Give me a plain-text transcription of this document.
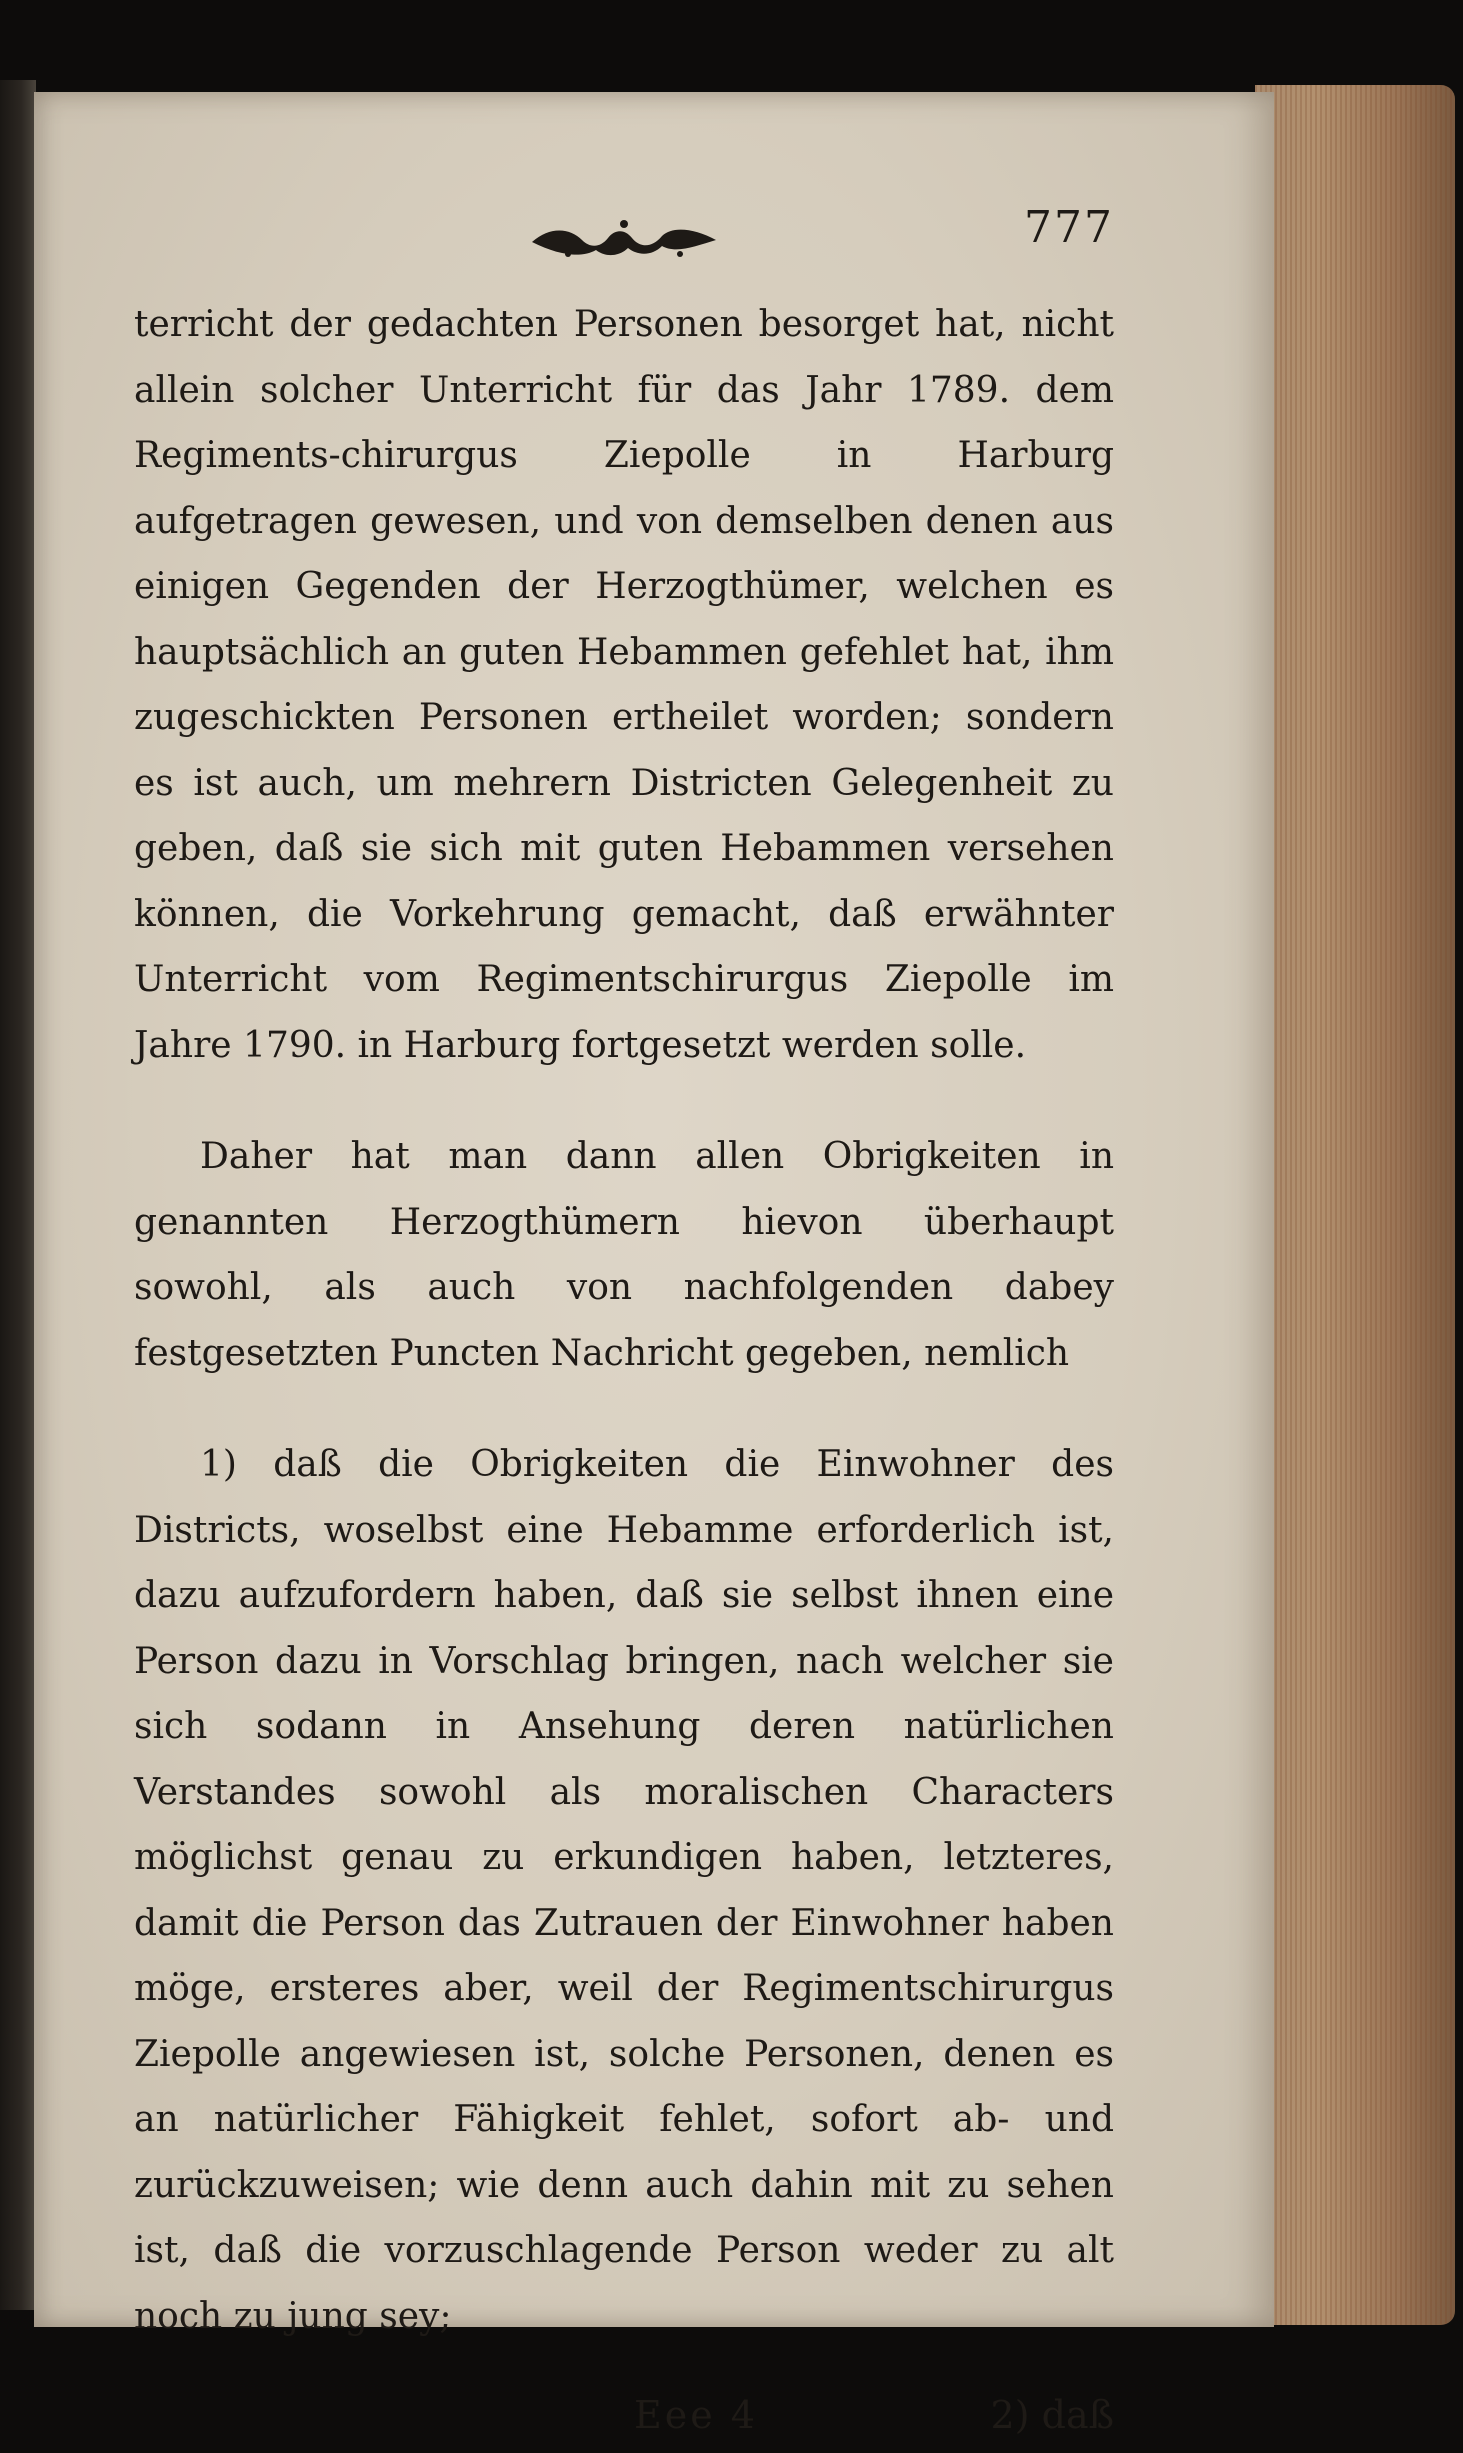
777

terricht der gedachten Personen besorget hat, nicht allein solcher Unterricht für das Jahr 1789. dem Regiments-chirurgus Ziepolle in Harburg aufgetragen gewesen, und von demselben denen aus einigen Gegenden der Herzogthümer, welchen es hauptsächlich an guten Hebammen gefehlet hat, ihm zugeschickten Personen ertheilet worden; sondern es ist auch, um mehrern Districten Gelegenheit zu geben, daß sie sich mit guten Hebammen versehen können, die Vorkehrung gemacht, daß erwähnter Unterricht vom Regimentschirurgus Ziepolle im Jahre 1790. in Harburg fortgesetzt werden solle.

Daher hat man dann allen Obrigkeiten in genannten Herzogthümern hievon überhaupt sowohl, als auch von nachfolgenden dabey festgesetzten Puncten Nachricht gegeben, nemlich

1) daß die Obrigkeiten die Einwohner des Districts, woselbst eine Hebamme erforderlich ist, dazu aufzufordern haben, daß sie selbst ihnen eine Person dazu in Vorschlag bringen, nach welcher sie sich sodann in Ansehung deren natürlichen Verstandes sowohl als moralischen Characters möglichst genau zu erkundigen haben, letzteres, damit die Person das Zutrauen der Einwohner haben möge, ersteres aber, weil der Regimentschirurgus Ziepolle angewiesen ist, solche Personen, denen es an natürlicher Fähigkeit fehlet, sofort ab- und zurückzuweisen; wie denn auch dahin mit zu sehen ist, daß die vorzuschlagende Person weder zu alt noch zu jung sey;

Eee 4	2) daß
